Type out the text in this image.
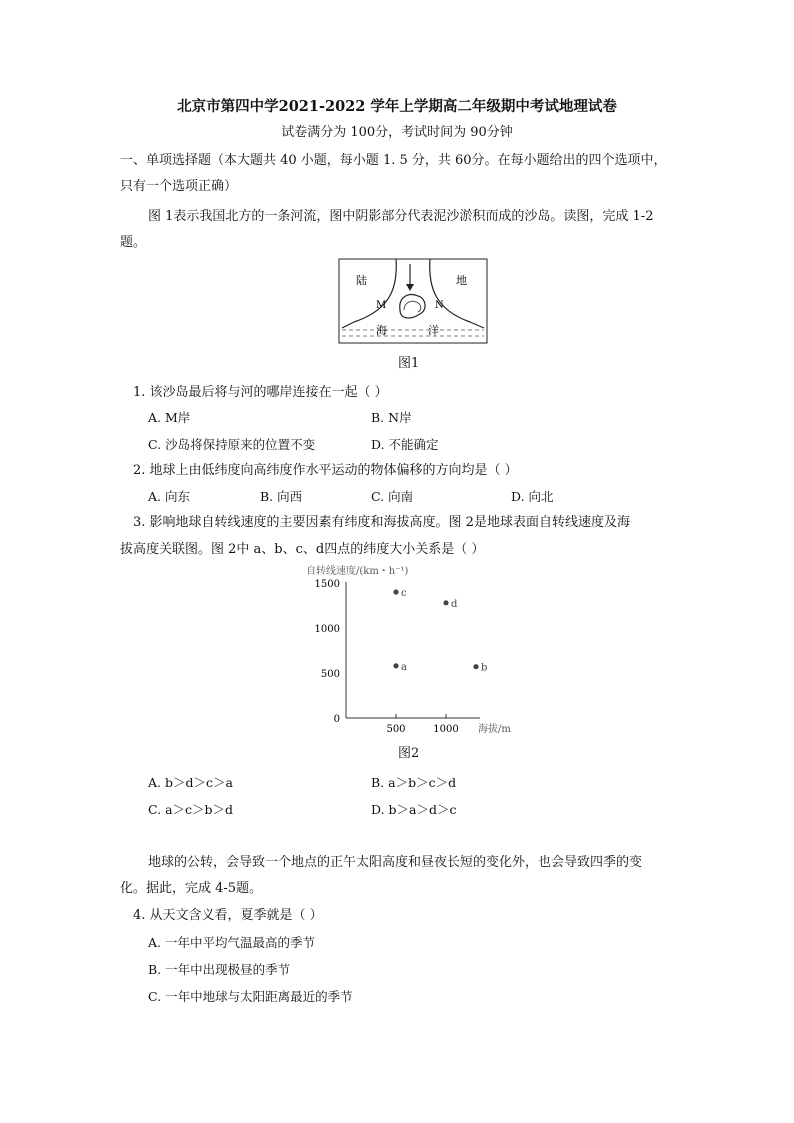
北京市第四中学2021-2022 学年上学期高二年级期中考试地理试卷
试卷满分为 100分，考试时间为 90分钟
一、单项选择题（本大题共 40 小题，每小题 1. 5 分，共 60分。在每小题给出的四个选项中，
只有一个选项正确）
图 1表示我国北方的一条河流，图中阴影部分代表泥沙淤积而成的沙岛。读图，完成 1-2
题。
陆	地
M	N
海	洋
图1
1. 该沙岛最后将与河的哪岸连接在一起（ ）
A. M岸	B. N岸
C. 沙岛将保持原来的位置不变	D. 不能确定
2. 地球上由低纬度向高纬度作水平运动的物体偏移的方向均是（ ）
A. 向东	B. 向西	C. 向南	D. 向北
3. 影响地球自转线速度的主要因素有纬度和海拔高度。图 2是地球表面自转线速度及海
拔高度关联图。图 2中 a、b、c、d四点的纬度大小关系是（ ）
自转线速度/(km・h⁻¹)
海拔/m
0
500
1000
1500
500	1000
c
d
a	b
图2
A. b＞d＞c＞a	B. a＞b＞c＞d
C. a＞c＞b＞d	D. b＞a＞d＞c
地球的公转，会导致一个地点的正午太阳高度和昼夜长短的变化外，也会导致四季的变
化。据此，完成 4-5题。
4. 从天文含义看，夏季就是（ ）
A. 一年中平均气温最高的季节
B. 一年中出现极昼的季节
C. 一年中地球与太阳距离最近的季节
